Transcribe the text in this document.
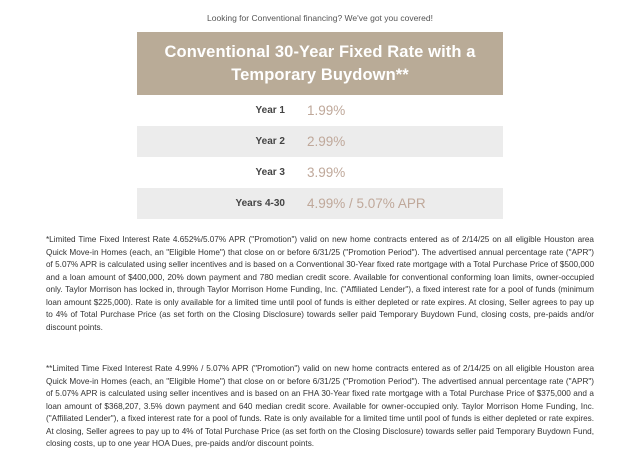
Looking for Conventional financing? We've got you covered!
Conventional 30-Year Fixed Rate with a Temporary Buydown**
Year 1	1.99%
Year 2	2.99%
Year 3	3.99%
Years 4-30	4.99% / 5.07% APR

*Limited Time Fixed Interest Rate 4.652%/5.07% APR ("Promotion") valid on new home contracts entered as of 2/14/25 on all eligible Houston area Quick Move-in Homes (each, an "Eligible Home") that close on or before 6/31/25 ("Promotion Period"). The advertised annual percentage rate ("APR") of 5.07% APR is calculated using seller incentives and is based on a Conventional 30-Year fixed rate mortgage with a Total Purchase Price of $500,000 and a loan amount of $400,000, 20% down payment and 780 median credit score. Available for conventional conforming loan limits, owner-occupied only. Taylor Morrison has locked in, through Taylor Morrison Home Funding, Inc. ("Affiliated Lender"), a fixed interest rate for a pool of funds (minimum loan amount $225,000). Rate is only available for a limited time until pool of funds is either depleted or rate expires. At closing, Seller agrees to pay up to 4% of Total Purchase Price (as set forth on the Closing Disclosure) towards seller paid Temporary Buydown Fund, closing costs, pre-paids and/or discount points.

**Limited Time Fixed Interest Rate 4.99% / 5.07% APR ("Promotion") valid on new home contracts entered as of 2/14/25 on all eligible Houston area Quick Move-in Homes (each, an "Eligible Home") that close on or before 6/31/25 ("Promotion Period"). The advertised annual percentage rate ("APR") of 5.07% APR is calculated using seller incentives and is based on an FHA 30-Year fixed rate mortgage with a Total Purchase Price of $375,000 and a loan amount of $368,207, 3.5% down payment and 640 median credit score. Available for owner-occupied only. Taylor Morrison Home Funding, Inc. ("Affiliated Lender"), a fixed interest rate for a pool of funds. Rate is only available for a limited time until pool of funds is either depleted or rate expires. At closing, Seller agrees to pay up to 4% of Total Purchase Price (as set forth on the Closing Disclosure) towards seller paid Temporary Buydown Fund, closing costs, up to one year HOA Dues, pre-paids and/or discount points.
